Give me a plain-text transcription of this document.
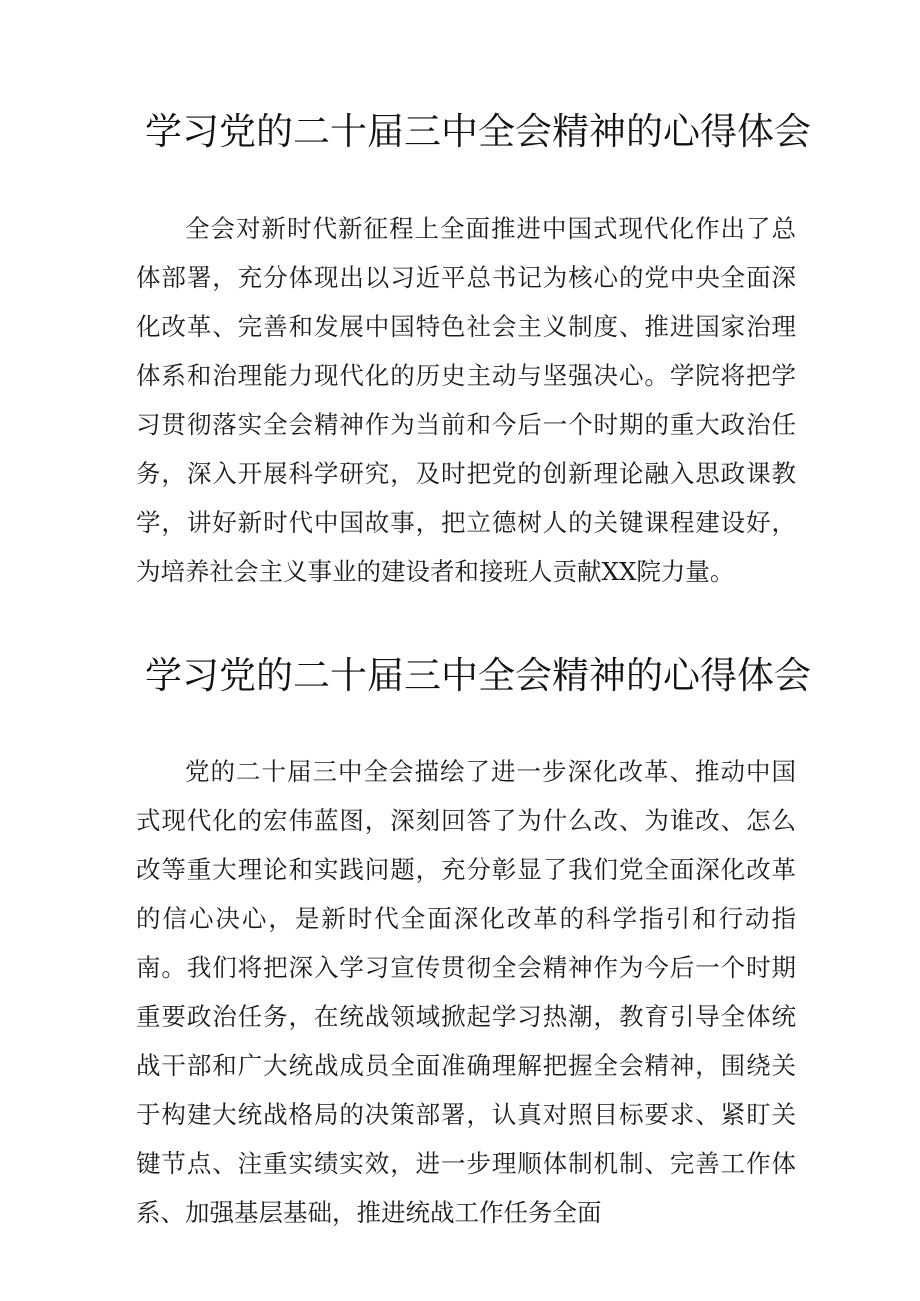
学习党的二十届三中全会精神的心得体会

全会对新时代新征程上全面推进中国式现代化作出了总体部署，充分体现出以习近平总书记为核心的党中央全面深化改革、完善和发展中国特色社会主义制度、推进国家治理体系和治理能力现代化的历史主动与坚强决心。学院将把学习贯彻落实全会精神作为当前和今后一个时期的重大政治任务，深入开展科学研究，及时把党的创新理论融入思政课教学，讲好新时代中国故事，把立德树人的关键课程建设好，为培养社会主义事业的建设者和接班人贡献XX院力量。

学习党的二十届三中全会精神的心得体会

党的二十届三中全会描绘了进一步深化改革、推动中国式现代化的宏伟蓝图，深刻回答了为什么改、为谁改、怎么改等重大理论和实践问题，充分彰显了我们党全面深化改革的信心决心，是新时代全面深化改革的科学指引和行动指南。我们将把深入学习宣传贯彻全会精神作为今后一个时期重要政治任务，在统战领域掀起学习热潮，教育引导全体统战干部和广大统战成员全面准确理解把握全会精神，围绕关于构建大统战格局的决策部署，认真对照目标要求、紧盯关键节点、注重实绩实效，进一步理顺体制机制、完善工作体系、加强基层基础，推进统战工作任务全面
